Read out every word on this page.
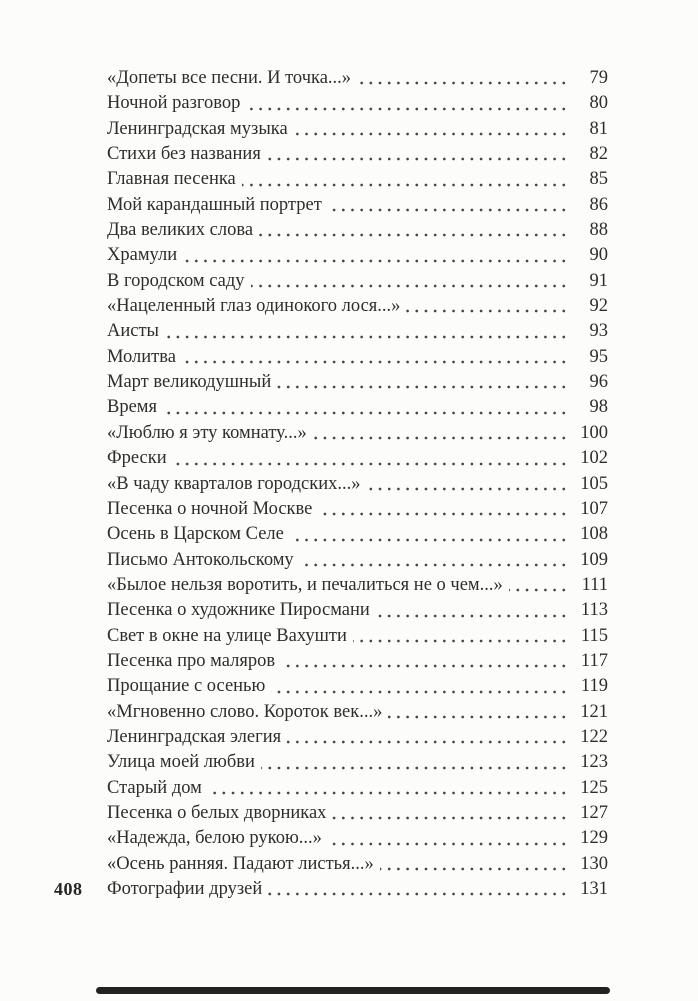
«Допеты все песни. И точка...»	79
Ночной разговор	80
Ленинградская музыка	81
Стихи без названия	82
Главная песенка	85
Мой карандашный портрет	86
Два великих слова	88
Храмули	90
В городском саду	91
«Нацеленный глаз одинокого лося...»	92
Аисты	93
Молитва	95
Март великодушный	96
Время	98
«Люблю я эту комнату...»	100
Фрески	102
«В чаду кварталов городских...»	105
Песенка о ночной Москве	107
Осень в Царском Селе	108
Письмо Антокольскому	109
«Былое нельзя воротить, и печалиться не о чем...»	111
Песенка о художнике Пиросмани	113
Свет в окне на улице Вахушти	115
Песенка про маляров	117
Прощание с осенью	119
«Мгновенно слово. Короток век...»	121
Ленинградская элегия	122
Улица моей любви	123
Старый дом	125
Песенка о белых дворниках	127
«Надежда, белою рукою...»	129
«Осень ранняя. Падают листья...»	130
Фотографии друзей	131
408
